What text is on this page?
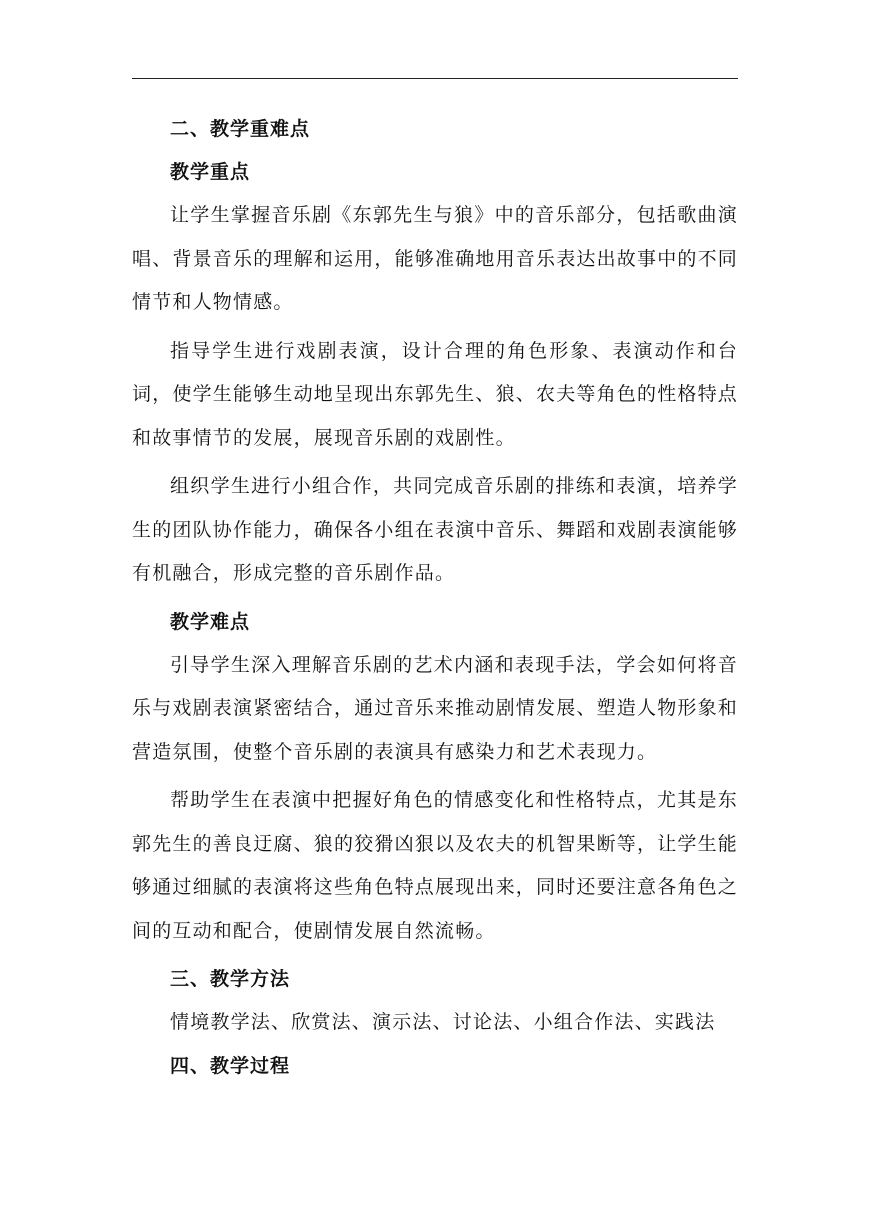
二、教学重难点
教学重点

让学生掌握音乐剧《东郭先生与狼》中的音乐部分，包括歌曲演唱、背景音乐的理解和运用，能够准确地用音乐表达出故事中的不同情节和人物情感。

指导学生进行戏剧表演，设计合理的角色形象、表演动作和台词，使学生能够生动地呈现出东郭先生、狼、农夫等角色的性格特点和故事情节的发展，展现音乐剧的戏剧性。

组织学生进行小组合作，共同完成音乐剧的排练和表演，培养学生的团队协作能力，确保各小组在表演中音乐、舞蹈和戏剧表演能够有机融合，形成完整的音乐剧作品。

教学难点

引导学生深入理解音乐剧的艺术内涵和表现手法，学会如何将音乐与戏剧表演紧密结合，通过音乐来推动剧情发展、塑造人物形象和营造氛围，使整个音乐剧的表演具有感染力和艺术表现力。

帮助学生在表演中把握好角色的情感变化和性格特点，尤其是东郭先生的善良迂腐、狼的狡猾凶狠以及农夫的机智果断等，让学生能够通过细腻的表演将这些角色特点展现出来，同时还要注意各角色之间的互动和配合，使剧情发展自然流畅。

三、教学方法

情境教学法、欣赏法、演示法、讨论法、小组合作法、实践法

四、教学过程
